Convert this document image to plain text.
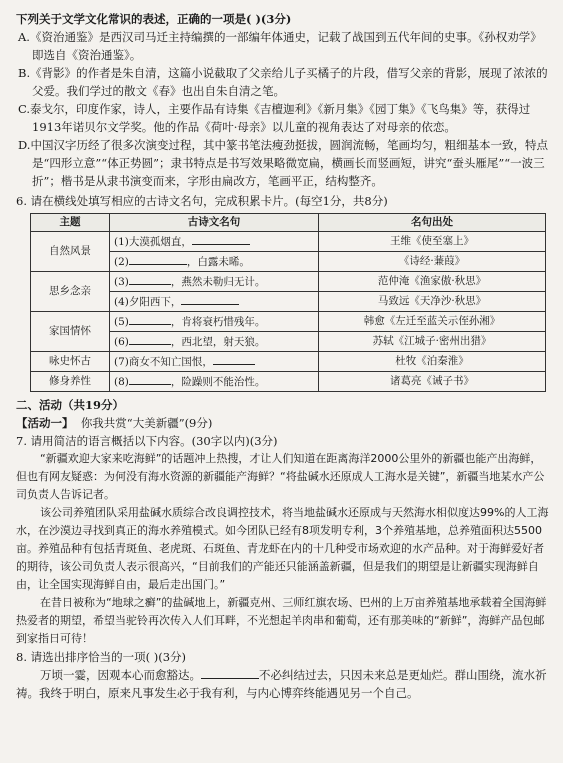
下列关于文学文化常识的表述，正确的一项是( )(3分)

A.《资治通鉴》是西汉司马迁主持编撰的一部编年体通史，记载了战国到五代年间的史事。《孙权劝学》即选自《资治通鉴》。

B.《背影》的作者是朱自清，这篇小说截取了父亲给儿子买橘子的片段，借写父亲的背影，展现了浓浓的父爱。我们学过的散文《春》也出自朱自清之笔。

C.泰戈尔，印度作家，诗人，主要作品有诗集《吉檀迦利》《新月集》《园丁集》《飞鸟集》等，获得过1913年诺贝尔文学奖。他的作品《荷叶·母亲》以儿童的视角表达了对母亲的依恋。

D.中国汉字历经了很多次演变过程，其中篆书笔法瘦劲挺拔，圆润流畅，笔画均匀，粗细基本一致，特点是“四形立意”“体正势圆”；隶书特点是书写效果略微宽扁，横画长而竖画短，讲究“蚕头雁尾”“一波三折”；楷书是从隶书演变而来，字形由扁改方，笔画平正，结构整齐。

6. 请在横线处填写相应的古诗文名句，完成积累卡片。(每空1分，共8分)

主题	古诗文名句	名句出处
自然风景	(1)大漠孤烟直，	王维《使至塞上》
	(2) ，白露未晞。	《诗经·蒹葭》
思乡念亲	(3) ，燕然未勒归无计。	范仲淹《渔家傲·秋思》
	(4)夕阳西下，	马致远《天净沙·秋思》
家国情怀	(5) ，肯将衰朽惜残年。	韩愈《左迁至蓝关示侄孙湘》
	(6) ，西北望，射天狼。	苏轼《江城子·密州出猎》
咏史怀古	(7)商女不知亡国恨，	杜牧《泊秦淮》
修身养性	(8) ，险躁则不能治性。	诸葛亮《诫子书》

二、活动（共19分）

【活动一】 你我共赏“大美新疆”(9分)

7. 请用简洁的语言概括以下内容。(30字以内)(3分)

“新疆欢迎大家来吃海鲜”的话题冲上热搜，才让人们知道在距离海洋2000公里外的新疆也能产出海鲜，但也有网友疑惑：为何没有海水资源的新疆能产海鲜？“将盐碱水还原成人工海水是关键”，新疆当地某水产公司负责人告诉记者。

该公司养殖团队采用盐碱水质综合改良调控技术，将当地盐碱水还原成与天然海水相似度达99%的人工海水，在沙漠边寻找到真正的海水养殖模式。如今团队已经有8项发明专利，3个养殖基地，总养殖面积达5500亩。养殖品种有包括青斑鱼、老虎斑、石斑鱼、青龙虾在内的十几种受市场欢迎的水产品种。对于海鲜爱好者的期待，该公司负责人表示很高兴，“目前我们的产能还只能涵盖新疆，但是我们的期望是让新疆实现海鲜自由，让全国实现海鲜自由，最后走出国门。”

在昔日被称为“地球之癣”的盐碱地上，新疆克州、三师红旗农场、巴州的上万亩养殖基地承载着全国海鲜热爱者的期望，希望当驼铃再次传入人们耳畔，不光想起羊肉串和葡萄，还有那美味的“新鲜”，海鲜产品包邮到家指日可待！

8. 请选出排序恰当的一项( )(3分)

万顷一霎，因观本心而愈豁达。	不必纠结过去，只因未来总是更灿烂。群山围绕，流水祈祷。我终于明白，原来凡事发生必于我有利，与内心博弈终能遇见另一个自己。
